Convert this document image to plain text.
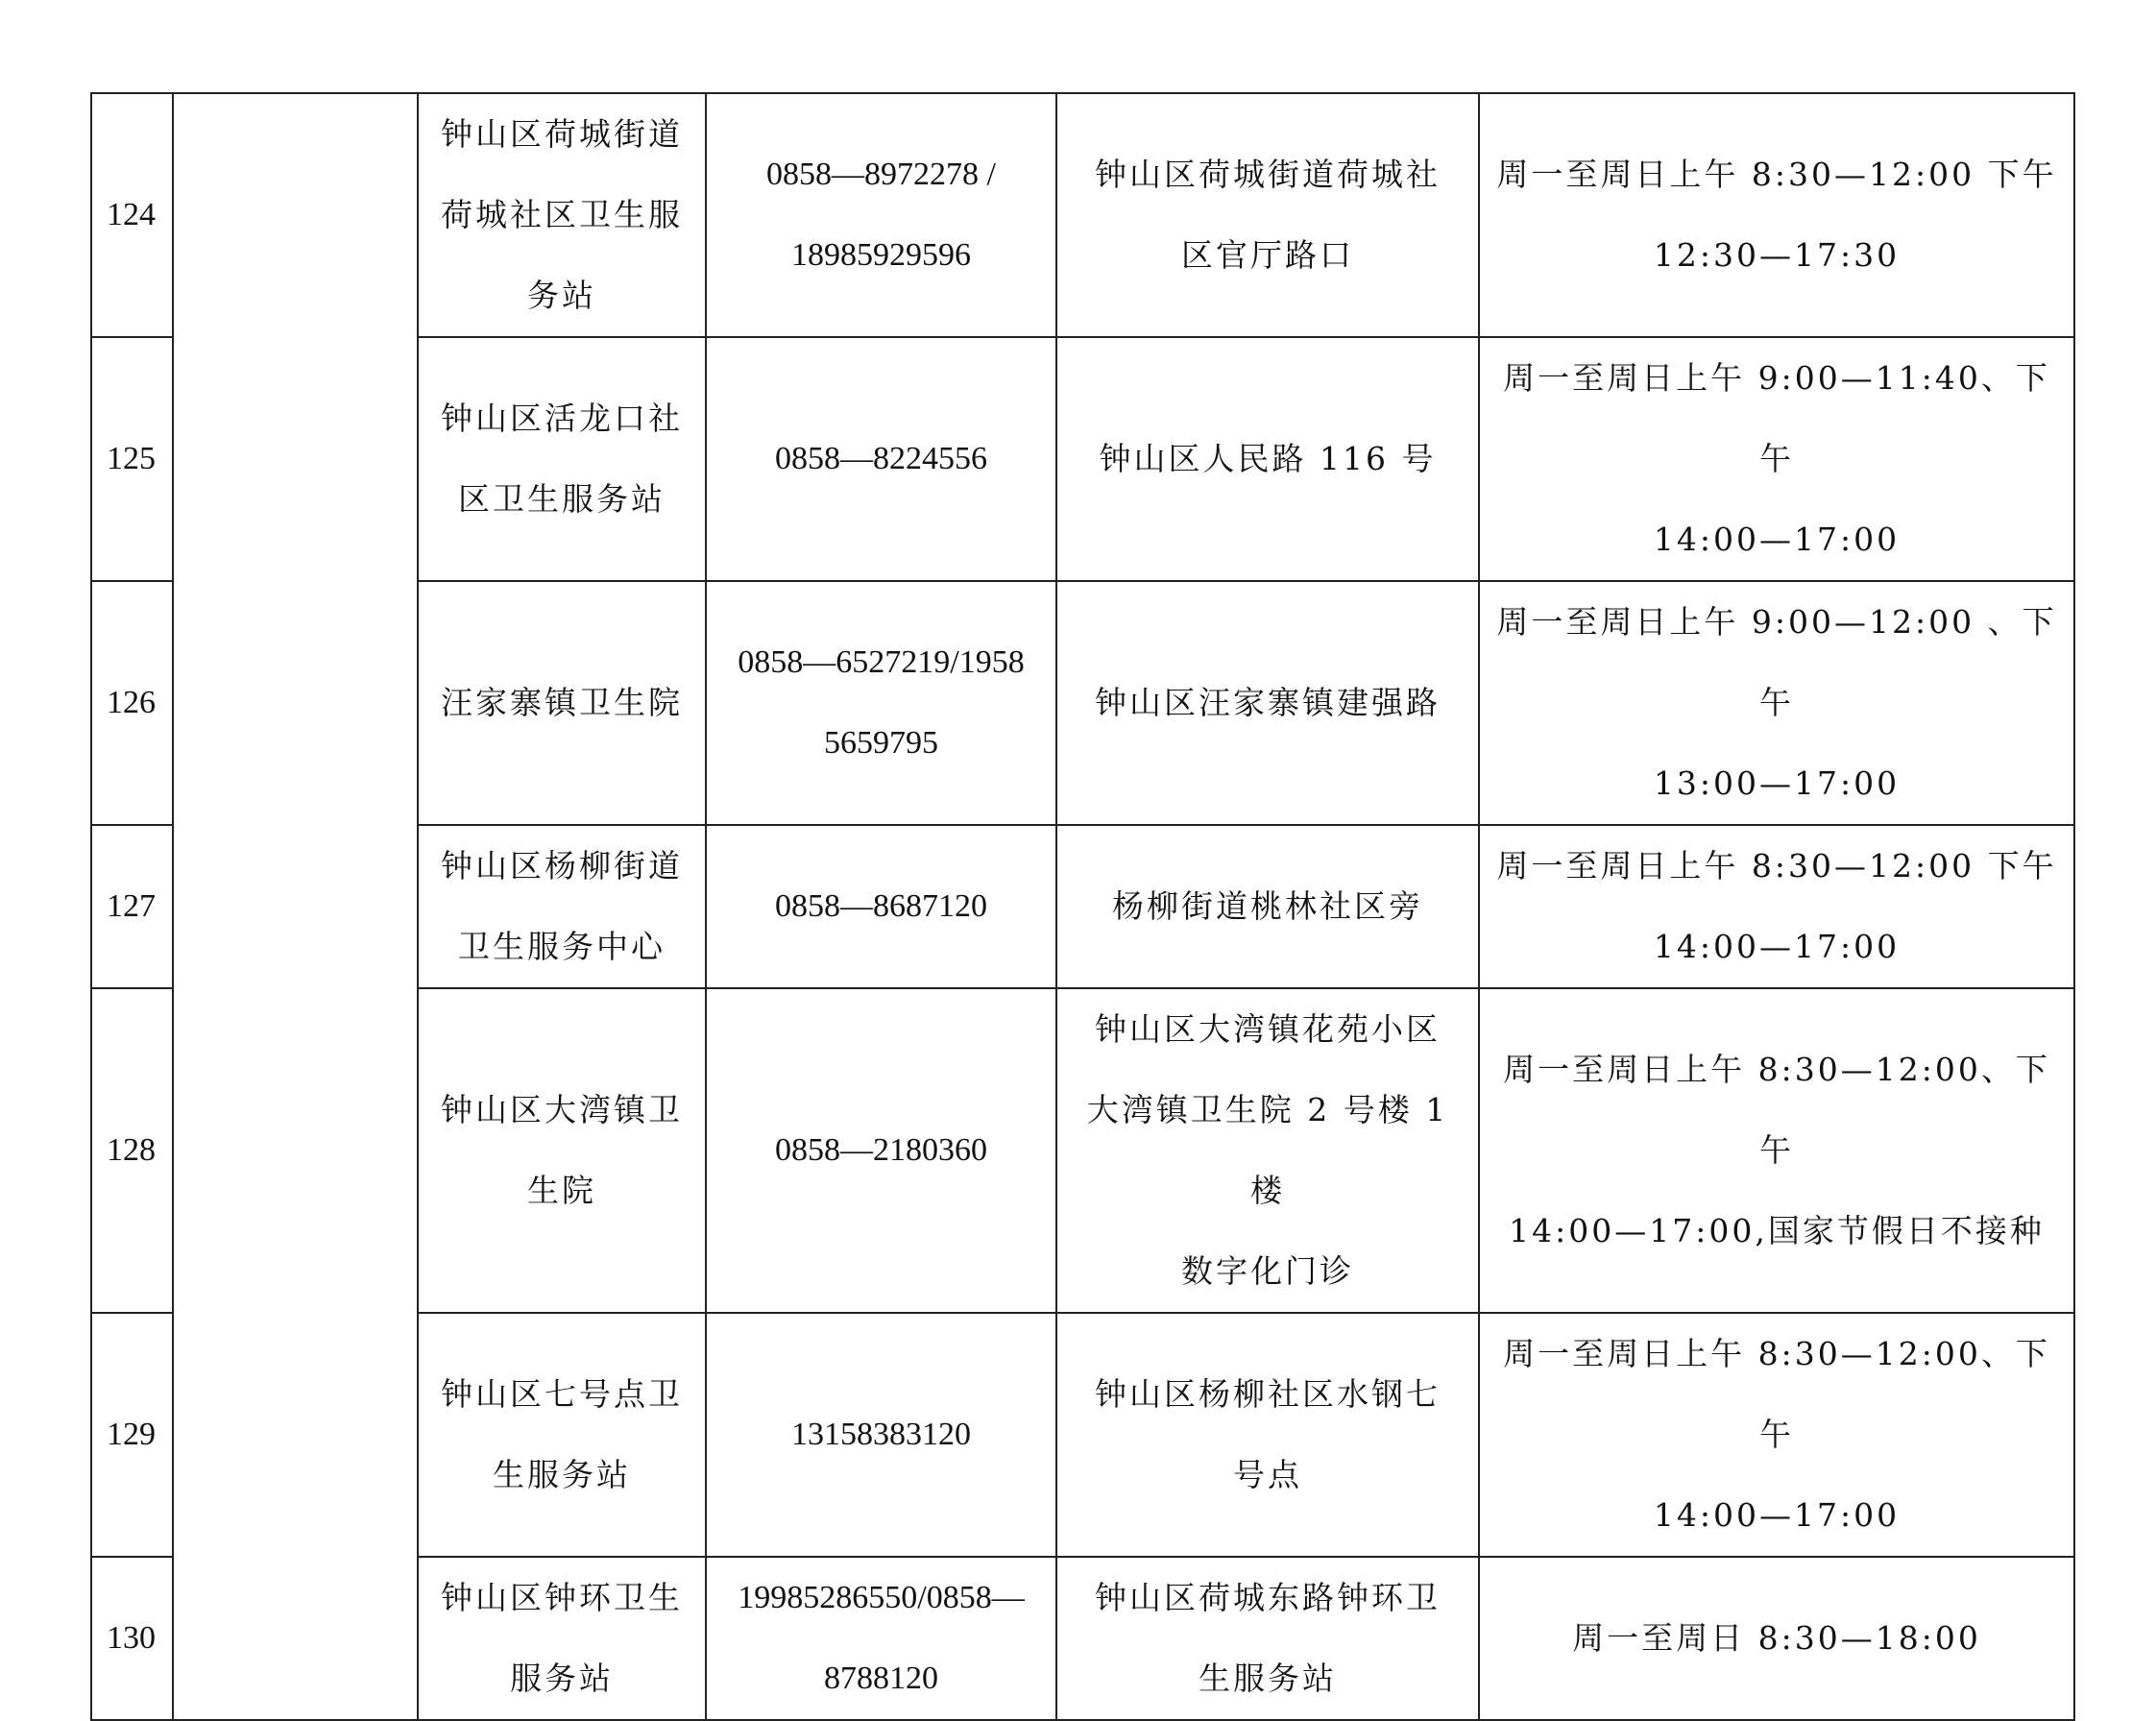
124		钟山区荷城街道
荷城社区卫生服
务站	0858—8972278 /
18985929596	钟山区荷城街道荷城社
区官厅路口	周一至周日上午 8:30—12:00 下午
12:30—17:30

125		钟山区活龙口社
区卫生服务站	0858—8224556	钟山区人民路 116 号	周一至周日上午 9:00—11:40、下午
14:00—17:00

126		汪家寨镇卫生院	0858—6527219/1958
5659795	钟山区汪家寨镇建强路	周一至周日上午 9:00—12:00 、下午
13:00—17:00

127		钟山区杨柳街道
卫生服务中心	0858—8687120	杨柳街道桃林社区旁	周一至周日上午 8:30—12:00 下午
14:00—17:00

128		钟山区大湾镇卫
生院	0858—2180360	钟山区大湾镇花苑小区
大湾镇卫生院 2 号楼 1 楼
数字化门诊	周一至周日上午 8:30—12:00、下午
14:00—17:00,国家节假日不接种

129		钟山区七号点卫
生服务站	13158383120	钟山区杨柳社区水钢七
号点	周一至周日上午 8:30—12:00、下午
14:00—17:00

130		钟山区钟环卫生
服务站	19985286550/0858—
8788120	钟山区荷城东路钟环卫
生服务站	周一至周日 8:30—18:00
